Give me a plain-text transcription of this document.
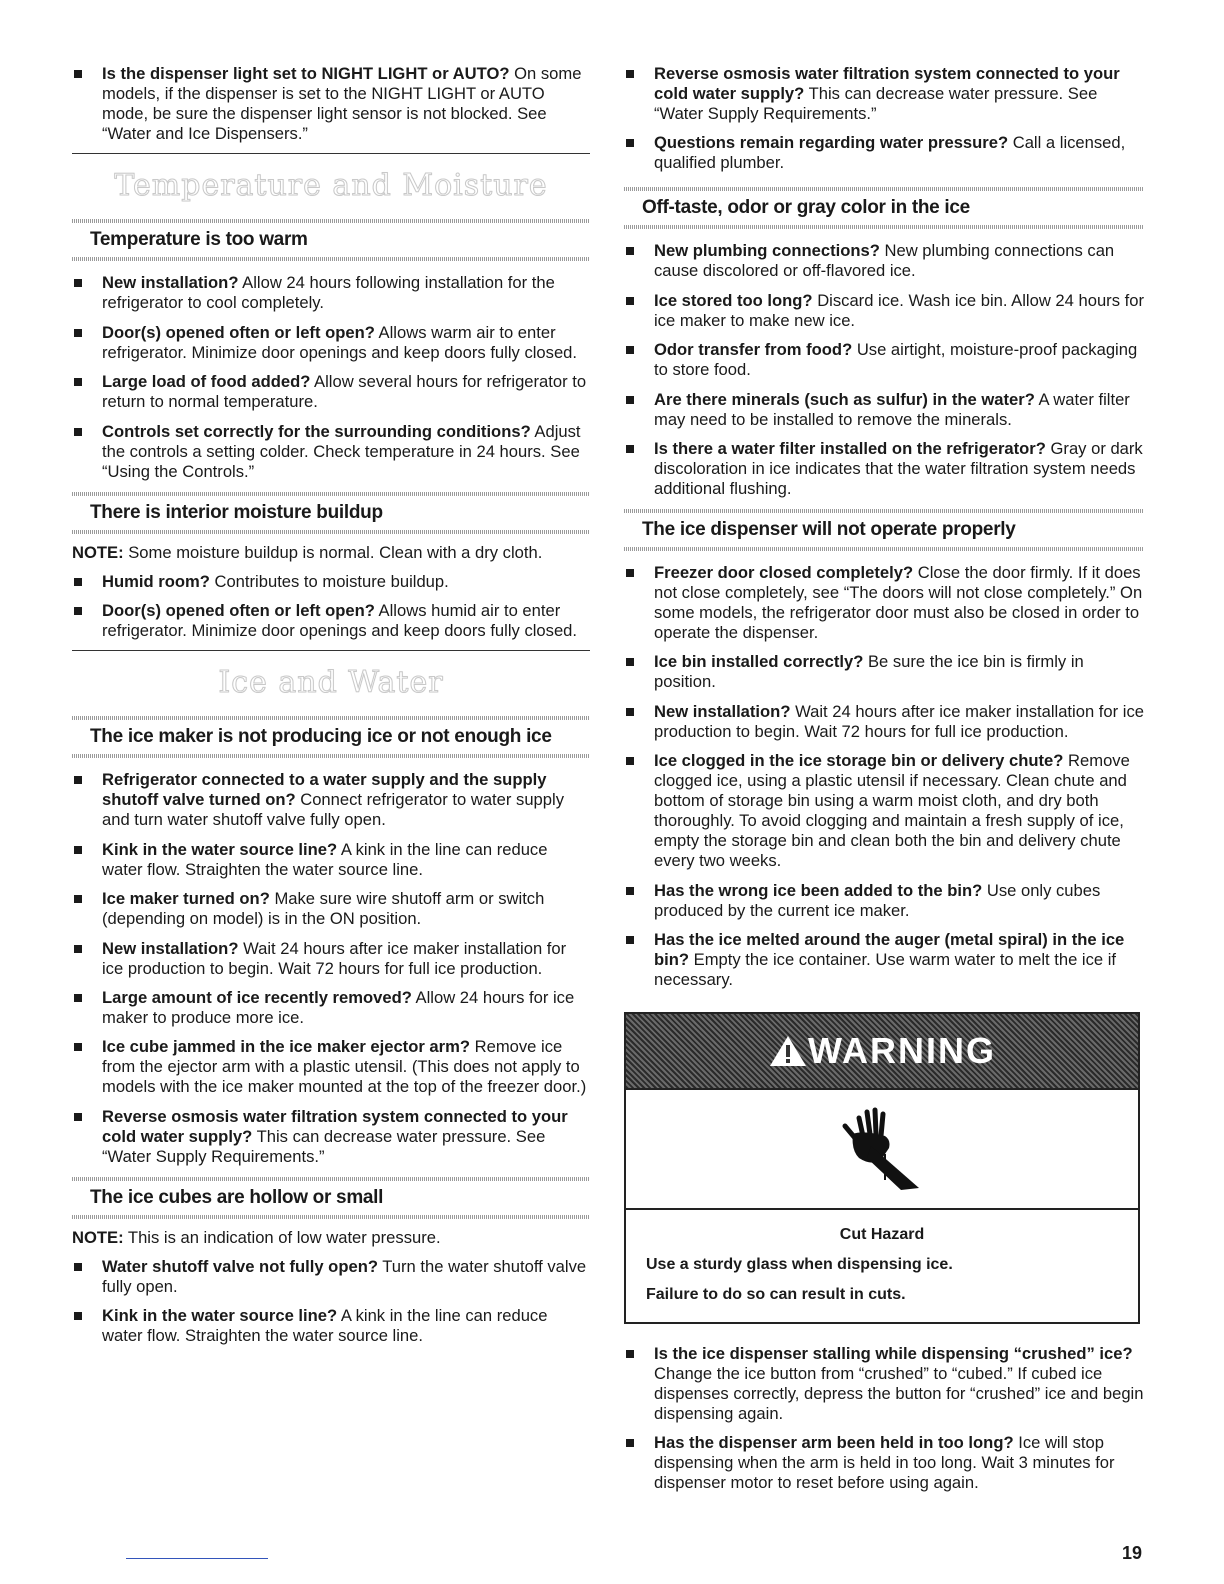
Is the dispenser light set to NIGHT LIGHT or AUTO? On some models, if the dispenser is set to the NIGHT LIGHT or AUTO mode, be sure the dispenser light sensor is not blocked. See “Water and Ice Dispensers.”
Temperature and Moisture
Temperature is too warm
New installation? Allow 24 hours following installation for the refrigerator to cool completely.
Door(s) opened often or left open? Allows warm air to enter refrigerator. Minimize door openings and keep doors fully closed.
Large load of food added? Allow several hours for refrigerator to return to normal temperature.
Controls set correctly for the surrounding conditions? Adjust the controls a setting colder. Check temperature in 24 hours. See “Using the Controls.”
There is interior moisture buildup
NOTE: Some moisture buildup is normal. Clean with a dry cloth.
Humid room? Contributes to moisture buildup.
Door(s) opened often or left open? Allows humid air to enter refrigerator. Minimize door openings and keep doors fully closed.
Ice and Water
The ice maker is not producing ice or not enough ice
Refrigerator connected to a water supply and the supply shutoff valve turned on? Connect refrigerator to water supply and turn water shutoff valve fully open.
Kink in the water source line? A kink in the line can reduce water flow. Straighten the water source line.
Ice maker turned on? Make sure wire shutoff arm or switch (depending on model) is in the ON position.
New installation? Wait 24 hours after ice maker installation for ice production to begin. Wait 72 hours for full ice production.
Large amount of ice recently removed? Allow 24 hours for ice maker to produce more ice.
Ice cube jammed in the ice maker ejector arm? Remove ice from the ejector arm with a plastic utensil. (This does not apply to models with the ice maker mounted at the top of the freezer door.)
Reverse osmosis water filtration system connected to your cold water supply? This can decrease water pressure. See “Water Supply Requirements.”
The ice cubes are hollow or small
NOTE: This is an indication of low water pressure.
Water shutoff valve not fully open? Turn the water shutoff valve fully open.
Kink in the water source line? A kink in the line can reduce water flow. Straighten the water source line.
Reverse osmosis water filtration system connected to your cold water supply? This can decrease water pressure. See “Water Supply Requirements.”
Questions remain regarding water pressure? Call a licensed, qualified plumber.
Off-taste, odor or gray color in the ice
New plumbing connections? New plumbing connections can cause discolored or off-flavored ice.
Ice stored too long? Discard ice. Wash ice bin. Allow 24 hours for ice maker to make new ice.
Odor transfer from food? Use airtight, moisture-proof packaging to store food.
Are there minerals (such as sulfur) in the water? A water filter may need to be installed to remove the minerals.
Is there a water filter installed on the refrigerator? Gray or dark discoloration in ice indicates that the water filtration system needs additional flushing.
The ice dispenser will not operate properly
Freezer door closed completely? Close the door firmly. If it does not close completely, see “The doors will not close completely.” On some models, the refrigerator door must also be closed in order to operate the dispenser.
Ice bin installed correctly? Be sure the ice bin is firmly in position.
New installation? Wait 24 hours after ice maker installation for ice production to begin. Wait 72 hours for full ice production.
Ice clogged in the ice storage bin or delivery chute? Remove clogged ice, using a plastic utensil if necessary. Clean chute and bottom of storage bin using a warm moist cloth, and dry both thoroughly. To avoid clogging and maintain a fresh supply of ice, empty the storage bin and clean both the bin and delivery chute every two weeks.
Has the wrong ice been added to the bin? Use only cubes produced by the current ice maker.
Has the ice melted around the auger (metal spiral) in the ice bin? Empty the ice container. Use warm water to melt the ice if necessary.
WARNING
Cut Hazard
Use a sturdy glass when dispensing ice.
Failure to do so can result in cuts.
Is the ice dispenser stalling while dispensing “crushed” ice? Change the ice button from “crushed” to “cubed.” If cubed ice dispenses correctly, depress the button for “crushed” ice and begin dispensing again.
Has the dispenser arm been held in too long? Ice will stop dispensing when the arm is held in too long. Wait 3 minutes for dispenser motor to reset before using again.
19
